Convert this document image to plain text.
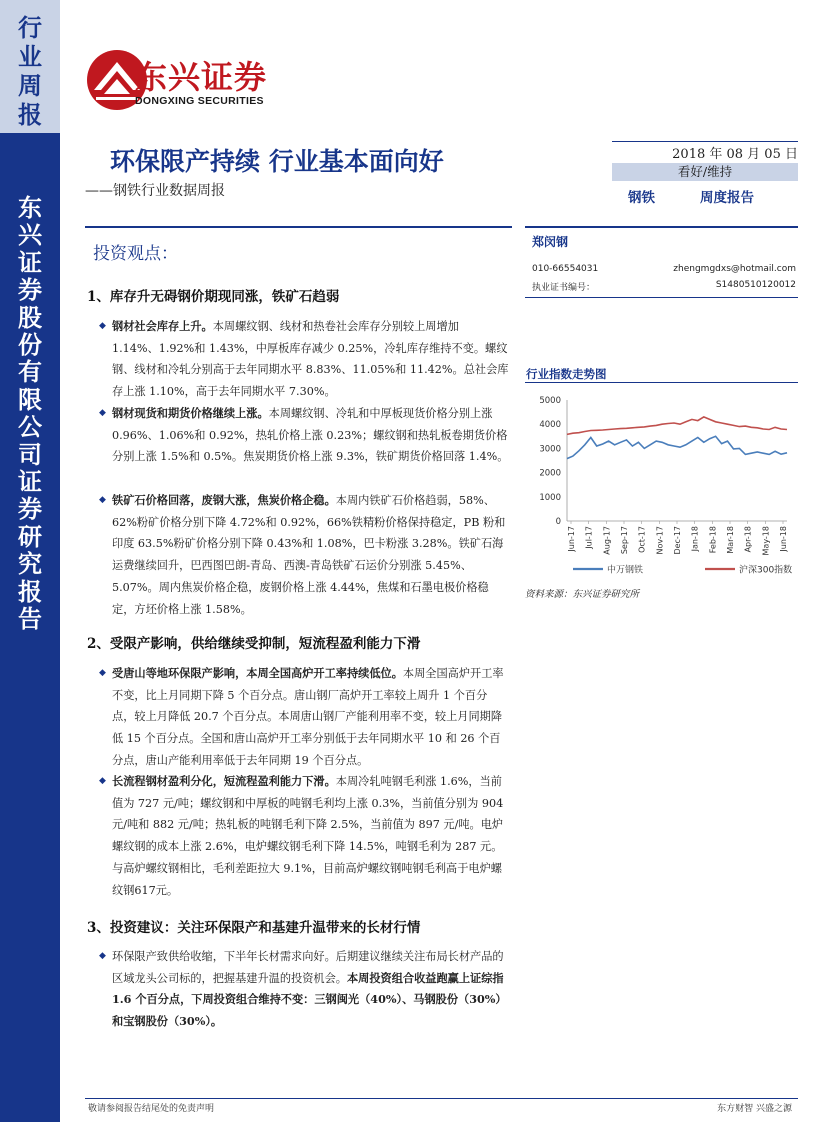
行业周报
东兴证券股份有限公司证券研究报告
东兴证券
DONGXING SECURITIES
环保限产持续 行业基本面向好
——钢铁行业数据周报
2018 年 08 月 05 日
看好/维持
钢铁	周度报告
投资观点：
1、库存升无碍钢价期现同涨，铁矿石趋弱
◆ 钢材社会库存上升。本周螺纹钢、线材和热卷社会库存分别较上周增加 1.14%、1.92%和 1.43%，中厚板库存减少 0.25%，冷轧库存维持不变。螺纹钢、线材和冷轧分别高于去年同期水平 8.83%、11.05%和 11.42%。总社会库存上涨 1.10%，高于去年同期水平 7.30%。
◆ 钢材现货和期货价格继续上涨。本周螺纹钢、冷轧和中厚板现货价格分别上涨 0.96%、1.06%和 0.92%，热轧价格上涨 0.23%；螺纹钢和热轧板卷期货价格分别上涨 1.5%和 0.5%。焦炭期货价格上涨 9.3%，铁矿期货价格回落 1.4%。
◆ 铁矿石价格回落，废钢大涨，焦炭价格企稳。本周内铁矿石价格趋弱，58%、62%粉矿价格分别下降 4.72%和 0.92%，66%铁精粉价格保持稳定，PB 粉和印度 63.5%粉矿价格分别下降 0.43%和 1.08%，巴卡粉涨 3.28%。铁矿石海运费继续回升，巴西图巴朗-青岛、西澳-青岛铁矿石运价分别涨 5.45%、5.07%。周内焦炭价格企稳，废钢价格上涨 4.44%，焦煤和石墨电极价格稳定，方坯价格上涨 1.58%。
2、受限产影响，供给继续受抑制，短流程盈利能力下滑
◆ 受唐山等地环保限产影响，本周全国高炉开工率持续低位。本周全国高炉开工率不变，比上月同期下降 5 个百分点。唐山钢厂高炉开工率较上周升 1 个百分点，较上月降低 20.7 个百分点。本周唐山钢厂产能利用率不变，较上月同期降低 15 个百分点。全国和唐山高炉开工率分别低于去年同期水平 10 和 26 个百分点，唐山产能利用率低于去年同期 19 个百分点。
◆ 长流程钢材盈利分化，短流程盈利能力下滑。本周冷轧吨钢毛利涨 1.6%，当前值为 727 元/吨；螺纹钢和中厚板的吨钢毛利均上涨 0.3%，当前值分别为 904 元/吨和 882 元/吨；热轧板的吨钢毛利下降 2.5%，当前值为 897 元/吨。电炉螺纹钢的成本上涨 2.6%，电炉螺纹钢毛利下降 14.5%，吨钢毛利为 287 元。与高炉螺纹钢相比，毛利差距拉大 9.1%，目前高炉螺纹钢吨钢毛利高于电炉螺纹钢617元。
3、投资建议：关注环保限产和基建升温带来的长材行情
◆ 环保限产致供给收缩，下半年长材需求向好。后期建议继续关注布局长材产品的区域龙头公司标的，把握基建升温的投资机会。本周投资组合收益跑赢上证综指 1.6 个百分点，下周投资组合维持不变：三钢闽光（40%）、马钢股份（30%）和宝钢股份（30%）。
郑闵钢
010-66554031	zhengmgdxs@hotmail.com
执业证书编号：	S1480510120012
行业指数走势图
0
1000
2000
3000
4000
5000
Jun-17 Jul-17 Aug-17 Sep-17 Oct-17 Nov-17 Dec-17 Jan-18 Feb-18 Mar-18 Apr-18 May-18 Jun-18
中万钢铁	沪深300指数
资料来源：东兴证券研究所
敬请参阅报告结尾处的免责声明	东方财智 兴盛之源
